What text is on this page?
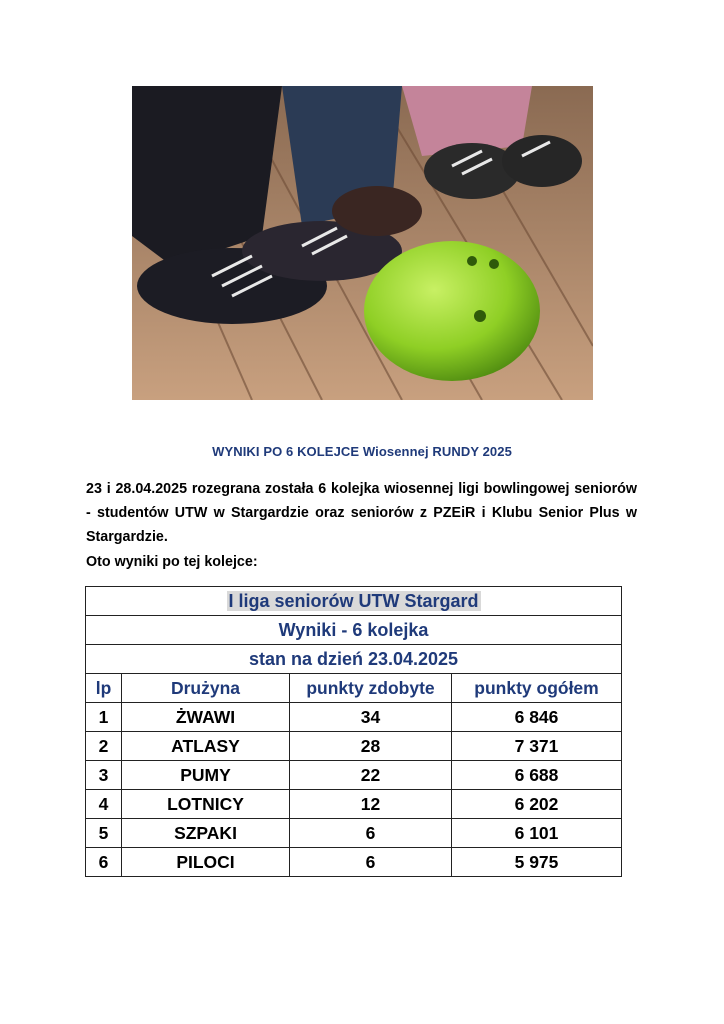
WYNIKI PO 6 KOLEJCE Wiosennej RUNDY 2025
23 i 28.04.2025 rozegrana została 6 kolejka wiosennej ligi bowlingowej seniorów - studentów UTW w Stargardzie oraz seniorów z PZEiR i Klubu Senior Plus w Stargardzie.
Oto wyniki po tej kolejce:
I liga seniorów UTW Stargard			
Wyniki - 6 kolejka			
stan na dzień 23.04.2025			
lp	Drużyna	punkty zdobyte	punkty ogółem
1	ŻWAWI	34	6 846
2	ATLASY	28	7 371
3	PUMY	22	6 688
4	LOTNICY	12	6 202
5	SZPAKI	6	6 101
6	PILOCI	6	5 975
